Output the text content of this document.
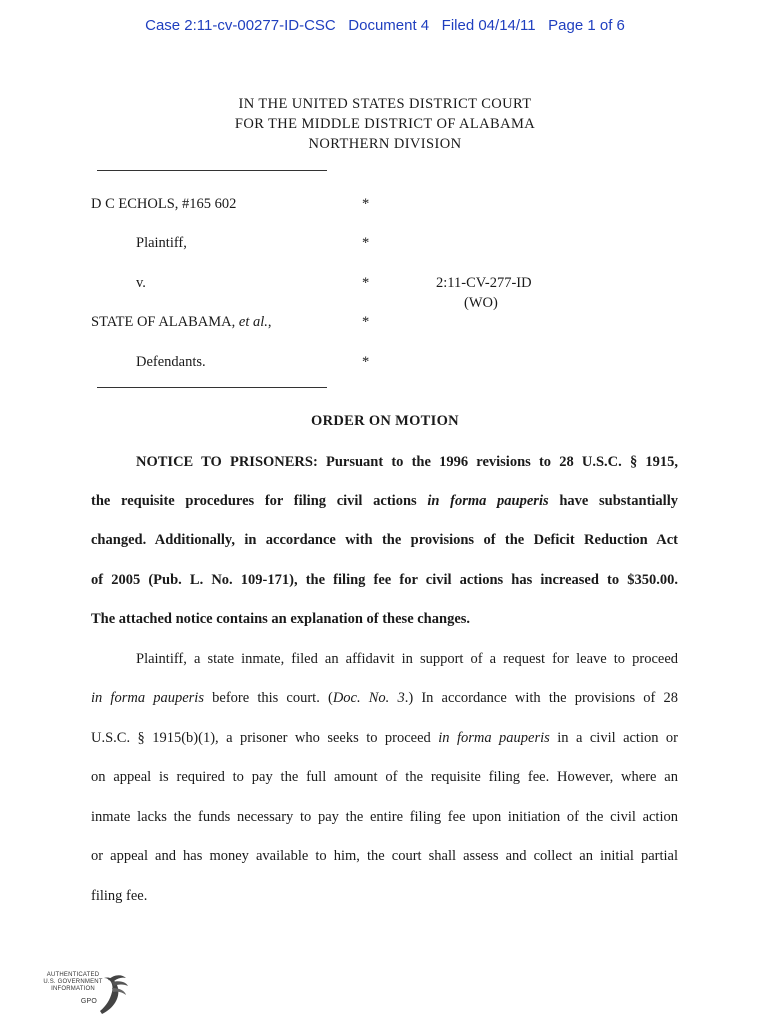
Case 2:11-cv-00277-ID-CSC Document 4 Filed 04/14/11 Page 1 of 6
IN THE UNITED STATES DISTRICT COURT
FOR THE MIDDLE DISTRICT OF ALABAMA
NORTHERN DIVISION
D C ECHOLS, #165 602	*
Plaintiff,	*
v.	*	2:11-CV-277-ID
(WO)
STATE OF ALABAMA, et al.,	*
Defendants.	*
ORDER ON MOTION
NOTICE TO PRISONERS: Pursuant to the 1996 revisions to 28 U.S.C. § 1915,
the requisite procedures for filing civil actions in forma pauperis have substantially
changed. Additionally, in accordance with the provisions of the Deficit Reduction Act
of 2005 (Pub. L. No. 109-171), the filing fee for civil actions has increased to $350.00.
The attached notice contains an explanation of these changes.
Plaintiff, a state inmate, filed an affidavit in support of a request for leave to proceed
in forma pauperis before this court. (Doc. No. 3.) In accordance with the provisions of 28
U.S.C. § 1915(b)(1), a prisoner who seeks to proceed in forma pauperis in a civil action or
on appeal is required to pay the full amount of the requisite filing fee. However, where an
inmate lacks the funds necessary to pay the entire filing fee upon initiation of the civil action
or appeal and has money available to him, the court shall assess and collect an initial partial
filing fee.
AUTHENTICATED
U.S. GOVERNMENT
INFORMATION
GPO
